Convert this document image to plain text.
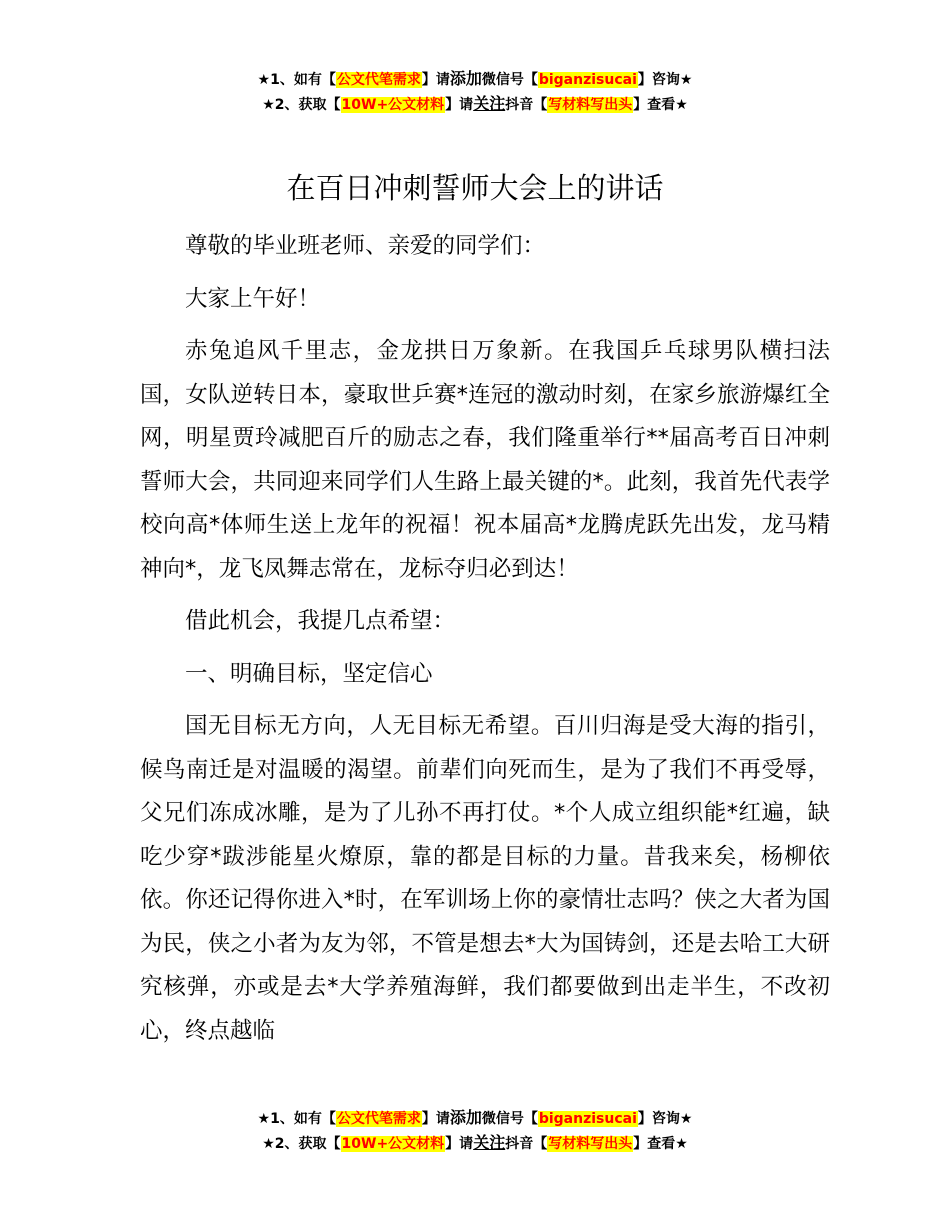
★1、如有【公文代笔需求】请添加微信号【biganzisucai】咨询★
★2、获取【10W+公文材料】请关注抖音【写材料写出头】查看★
在百日冲刺誓师大会上的讲话

尊敬的毕业班老师、亲爱的同学们：

大家上午好！

赤兔追风千里志，金龙拱日万象新。在我国乒乓球男队横扫法国，女队逆转日本，豪取世乒赛*连冠的激动时刻，在家乡旅游爆红全网，明星贾玲减肥百斤的励志之春，我们隆重举行**届高考百日冲刺誓师大会，共同迎来同学们人生路上最关键的*。此刻，我首先代表学校向高*体师生送上龙年的祝福！祝本届高*龙腾虎跃先出发，龙马精神向*，龙飞凤舞志常在，龙标夺归必到达！

借此机会，我提几点希望：

一、明确目标，坚定信心

国无目标无方向，人无目标无希望。百川归海是受大海的指引，候鸟南迁是对温暖的渴望。前辈们向死而生，是为了我们不再受辱，父兄们冻成冰雕，是为了儿孙不再打仗。*个人成立组织能*红遍，缺吃少穿*跋涉能星火燎原，靠的都是目标的力量。昔我来矣，杨柳依依。你还记得你进入*时，在军训场上你的豪情壮志吗？侠之大者为国为民，侠之小者为友为邻，不管是想去*大为国铸剑，还是去哈工大研究核弹，亦或是去*大学养殖海鲜，我们都要做到出走半生，不改初心，终点越临

★1、如有【公文代笔需求】请添加微信号【biganzisucai】咨询★
★2、获取【10W+公文材料】请关注抖音【写材料写出头】查看★
